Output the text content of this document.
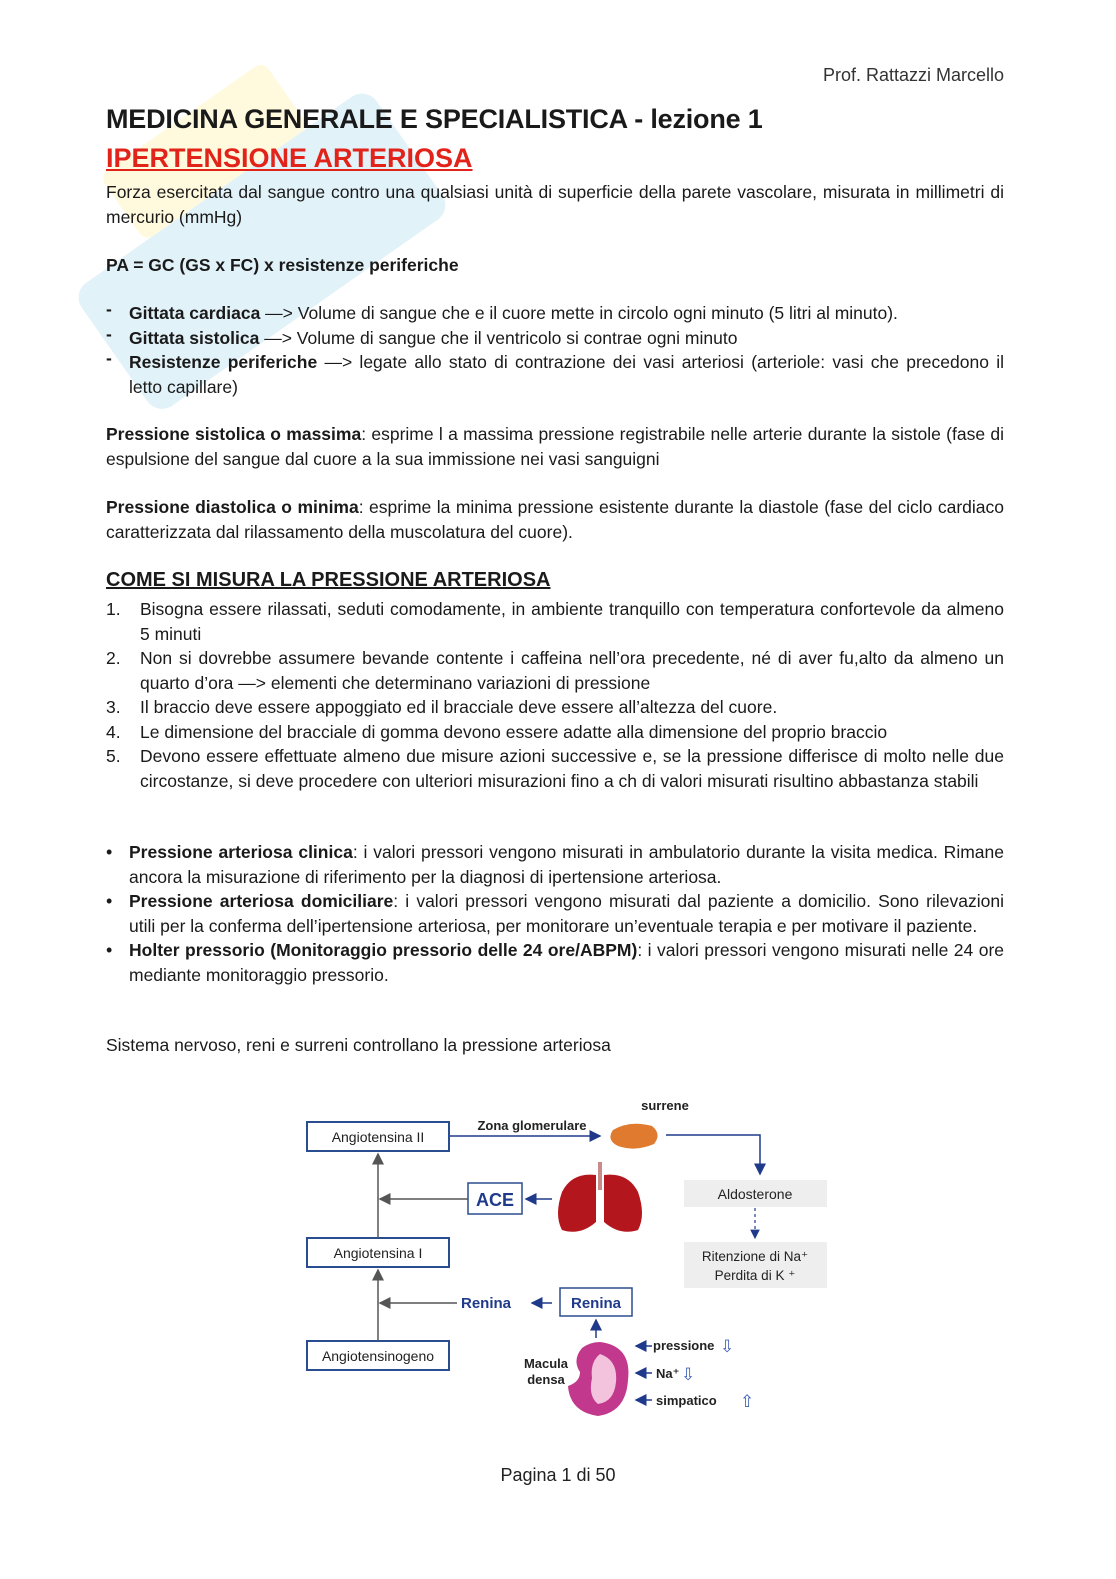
Prof. Rattazzi Marcello
MEDICINA GENERALE E SPECIALISTICA - lezione 1
IPERTENSIONE ARTERIOSA

Forza esercitata dal sangue contro una qualsiasi unità di superficie della parete vascolare, misurata in millimetri di mercurio (mmHg)

PA = GC (GS x FC) x resistenze periferiche

- Gittata cardiaca —> Volume di sangue che e il cuore mette in circolo ogni minuto (5 litri al minuto).
- Gittata sistolica —> Volume di sangue che il ventricolo si contrae ogni minuto
- Resistenze periferiche —> legate allo stato di contrazione dei vasi arteriosi (arteriole: vasi che precedono il letto capillare)

Pressione sistolica o massima: esprime l a massima pressione registrabile nelle arterie durante la sistole (fase di espulsione del sangue dal cuore a la sua immissione nei vasi sanguigni

Pressione diastolica o minima: esprime la minima pressione esistente durante la diastole (fase del ciclo cardiaco caratterizzata dal rilassamento della muscolatura del cuore).

COME SI MISURA LA PRESSIONE ARTERIOSA
1. Bisogna essere rilassati, seduti comodamente, in ambiente tranquillo con temperatura confortevole da almeno 5 minuti
2. Non si dovrebbe assumere bevande contente i caffeina nell’ora precedente, né di aver fu,alto da almeno un quarto d’ora —> elementi che determinano variazioni di pressione
3. Il braccio deve essere appoggiato ed il bracciale deve essere all’altezza del cuore.
4. Le dimensione del bracciale di gomma devono essere adatte alla dimensione del proprio braccio
5. Devono essere effettuate almeno due misure azioni successive e, se la pressione differisce di molto nelle due circostanze, si deve procedere con ulteriori misurazioni fino a ch di valori misurati risultino abbastanza stabili
• Pressione arteriosa clinica: i valori pressori vengono misurati in ambulatorio durante la visita medica. Rimane ancora la misurazione di riferimento per la diagnosi di ipertensione arteriosa.
• Pressione arteriosa domiciliare: i valori pressori vengono misurati dal paziente a domicilio. Sono rilevazioni utili per la conferma dell’ipertensione arteriosa, per monitorare un’eventuale terapia e per motivare il paziente.
• Holter pressorio (Monitoraggio pressorio delle 24 ore/ABPM): i valori pressori vengono misurati nelle 24 ore mediante monitoraggio pressorio.

Sistema nervoso, reni e surreni controllano la pressione arteriosa

Angiotensina II
Angiotensina I
Angiotensinogeno
Zona glomerulare
surrene
Aldosterone
Ritenzione di Na⁺
Perdita di K ⁺
ACE
Renina	Renina
Macula
densa
pressione ⇩
Na⁺ ⇩
simpatico ⇧
Pagina 1 di 50
